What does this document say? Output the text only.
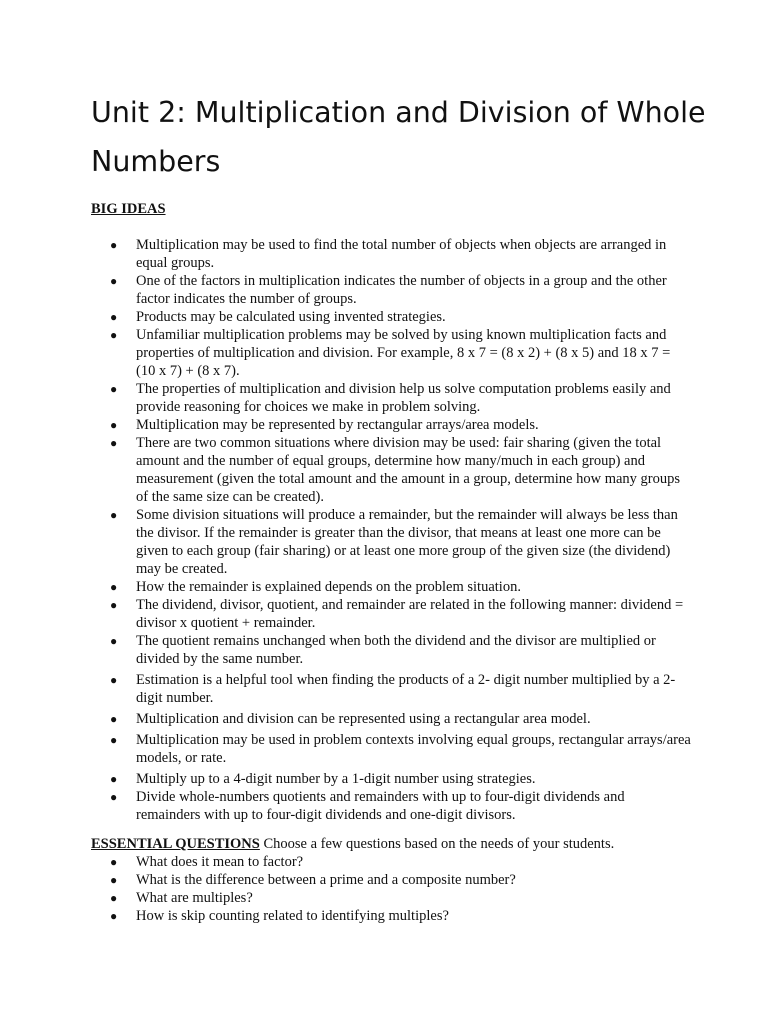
Unit 2: Multiplication and Division of Whole Numbers
BIG IDEAS
● Multiplication may be used to find the total number of objects when objects are arranged in equal groups.
● One of the factors in multiplication indicates the number of objects in a group and the other factor indicates the number of groups.
● Products may be calculated using invented strategies.
● Unfamiliar multiplication problems may be solved by using known multiplication facts and properties of multiplication and division. For example, 8 x 7 = (8 x 2) + (8 x 5) and 18 x 7 = (10 x 7) + (8 x 7).
● The properties of multiplication and division help us solve computation problems easily and provide reasoning for choices we make in problem solving.
● Multiplication may be represented by rectangular arrays/area models.
● There are two common situations where division may be used: fair sharing (given the total amount and the number of equal groups, determine how many/much in each group) and measurement (given the total amount and the amount in a group, determine how many groups of the same size can be created).
● Some division situations will produce a remainder, but the remainder will always be less than the divisor. If the remainder is greater than the divisor, that means at least one more can be given to each group (fair sharing) or at least one more group of the given size (the dividend) may be created.
● How the remainder is explained depends on the problem situation.
● The dividend, divisor, quotient, and remainder are related in the following manner: dividend = divisor x quotient + remainder.
● The quotient remains unchanged when both the dividend and the divisor are multiplied or divided by the same number.
● Estimation is a helpful tool when finding the products of a 2- digit number multiplied by a 2-digit number.
● Multiplication and division can be represented using a rectangular area model.
● Multiplication may be used in problem contexts involving equal groups, rectangular arrays/area models, or rate.
● Multiply up to a 4-digit number by a 1-digit number using strategies.
● Divide whole-numbers quotients and remainders with up to four-digit dividends and remainders with up to four-digit dividends and one-digit divisors.
ESSENTIAL QUESTIONS Choose a few questions based on the needs of your students.
● What does it mean to factor?
● What is the difference between a prime and a composite number?
● What are multiples?
● How is skip counting related to identifying multiples?
